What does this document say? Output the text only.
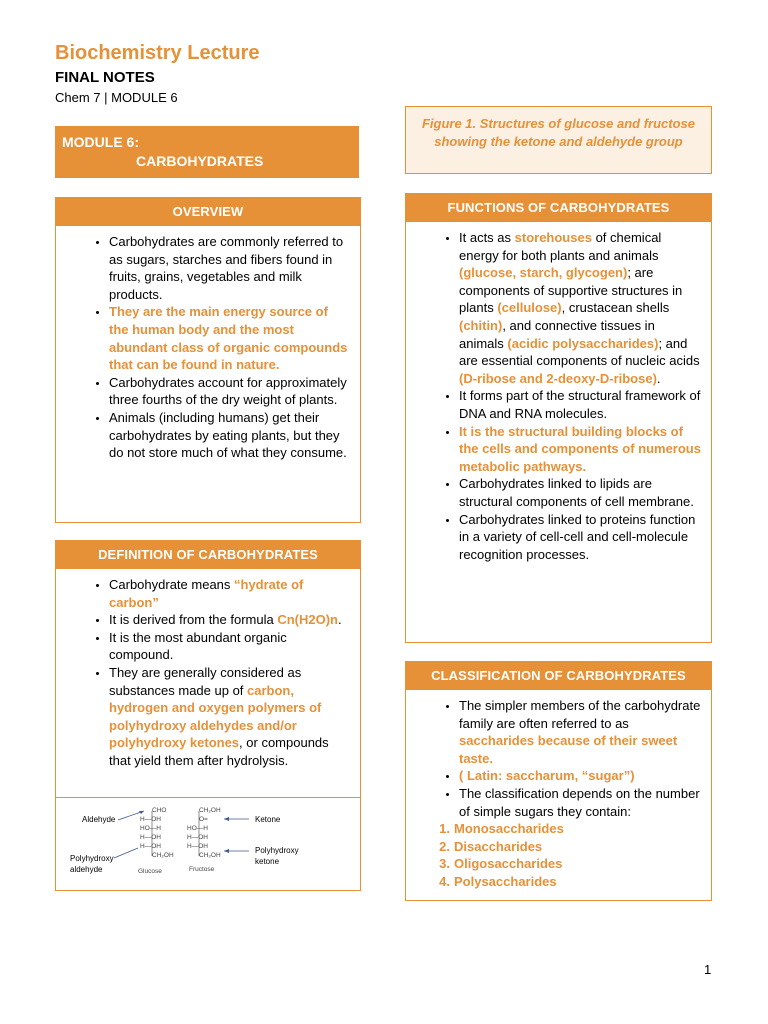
Biochemistry Lecture
FINAL NOTES
Chem 7 | MODULE 6
MODULE 6:
CARBOHYDRATES
Figure 1. Structures of glucose and fructose showing the ketone and aldehyde group
OVERVIEW
• Carbohydrates are commonly referred to as sugars, starches and fibers found in fruits, grains, vegetables and milk products.
• They are the main energy source of the human body and the most abundant class of organic compounds that can be found in nature.
• Carbohydrates account for approximately three fourths of the dry weight of plants.
• Animals (including humans) get their carbohydrates by eating plants, but they do not store much of what they consume.
DEFINITION OF CARBOHYDRATES
• Carbohydrate means “hydrate of carbon”
• It is derived from the formula Cn(H2O)n.
• It is the most abundant organic compound.
• They are generally considered as substances made up of carbon, hydrogen and oxygen polymers of polyhydroxy aldehydes and/or polyhydroxy ketones, or compounds that yield them after hydrolysis.
Aldehyde
Polyhydroxy
aldehyde
CHO
H—OH
HO—H
H—OH
H—OH
CH₂OH
Glucose
CH₂OH
O=
HO—H
H—OH
H—OH
CH₂OH
Fructose
Ketone
Polyhydroxy
ketone
FUNCTIONS OF CARBOHYDRATES
• It acts as storehouses of chemical energy for both plants and animals (glucose, starch, glycogen); are components of supportive structures in plants (cellulose), crustacean shells (chitin), and connective tissues in animals (acidic polysaccharides); and are essential components of nucleic acids (D-ribose and 2-deoxy-D-ribose).
• It forms part of the structural framework of DNA and RNA molecules.
• It is the structural building blocks of the cells and components of numerous metabolic pathways.
• Carbohydrates linked to lipids are structural components of cell membrane.
• Carbohydrates linked to proteins function in a variety of cell-cell and cell-molecule recognition processes.
CLASSIFICATION OF CARBOHYDRATES
• The simpler members of the carbohydrate family are often referred to as saccharides because of their sweet taste.
• ( Latin: saccharum, “sugar”)
• The classification depends on the number of simple sugars they contain:
Monosaccharides
Disaccharides
Oligosaccharides
Polysaccharides
1
